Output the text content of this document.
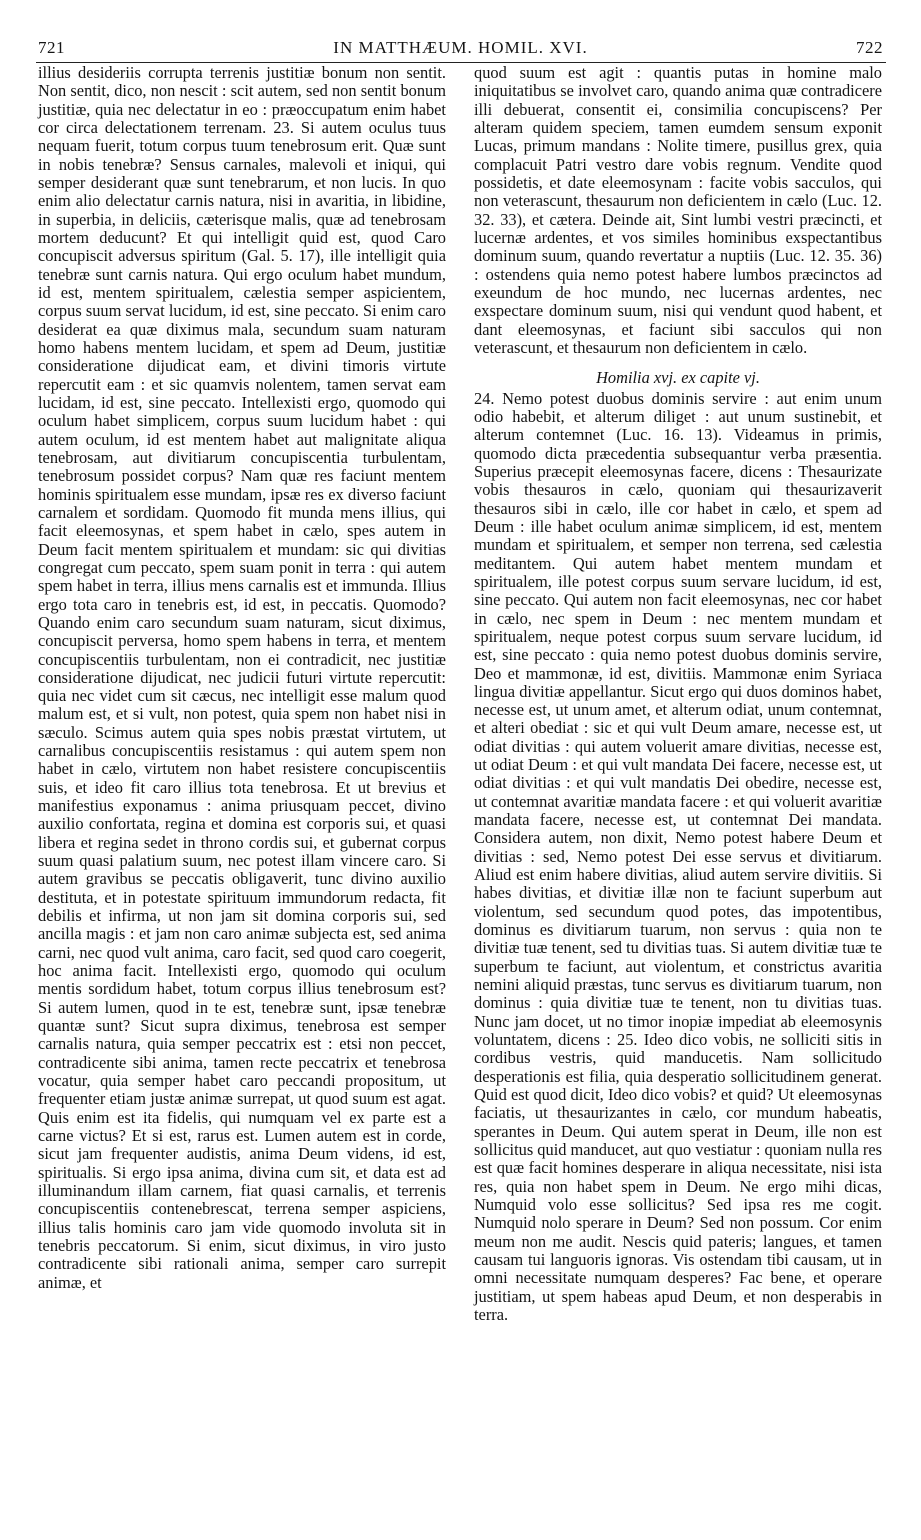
721	IN MATTHÆUM. HOMIL. XVI.	722

illius desideriis corrupta terrenis justitiæ bonum non sentit. Non sentit, dico, non nescit : scit autem, sed non sentit bonum justitiæ, quia nec delectatur in eo : præoccupatum enim habet cor circa delectationem terrenam. 23. Si autem oculus tuus nequam fuerit, totum corpus tuum tenebrosum erit. Quæ sunt in nobis tenebræ? Sensus carnales, malevoli et iniqui, qui semper desiderant quæ sunt tenebrarum, et non lucis. In quo enim alio delectatur carnis natura, nisi in avaritia, in libidine, in superbia, in deliciis, cæterisque malis, quæ ad tenebrosam mortem deducunt? Et qui intelligit quid est, quod Caro concupiscit adversus spiritum (Gal. 5. 17), ille intelligit quia tenebræ sunt carnis natura. Qui ergo oculum habet mundum, id est, mentem spiritualem, cælestia semper aspicientem, corpus suum servat lucidum, id est, sine peccato. Si enim caro desiderat ea quæ diximus mala, secundum suam naturam homo habens mentem lucidam, et spem ad Deum, justitiæ consideratione dijudicat eam, et divini timoris virtute repercutit eam : et sic quamvis nolentem, tamen servat eam lucidam, id est, sine peccato. Intellexisti ergo, quomodo qui oculum habet simplicem, corpus suum lucidum habet : qui autem oculum, id est mentem habet aut malignitate aliqua tenebrosam, aut divitiarum concupiscentia turbulentam, tenebrosum possidet corpus? Nam quæ res faciunt mentem hominis spiritualem esse mundam, ipsæ res ex diverso faciunt carnalem et sordidam. Quomodo fit munda mens illius, qui facit eleemosynas, et spem habet in cælo, spes autem in Deum facit mentem spiritualem et mundam: sic qui divitias congregat cum peccato, spem suam ponit in terra : qui autem spem habet in terra, illius mens carnalis est et immunda. Illius ergo tota caro in tenebris est, id est, in peccatis. Quomodo? Quando enim caro secundum suam naturam, sicut diximus, concupiscit perversa, homo spem habens in terra, et mentem concupiscentiis turbulentam, non ei contradicit, nec justitiæ consideratione dijudicat, nec judicii futuri virtute repercutit: quia nec videt cum sit cæcus, nec intelligit esse malum quod malum est, et si vult, non potest, quia spem non habet nisi in sæculo. Scimus autem quia spes nobis præstat virtutem, ut carnalibus concupiscentiis resistamus : qui autem spem non habet in cælo, virtutem non habet resistere concupiscentiis suis, et ideo fit caro illius tota tenebrosa. Et ut brevius et manifestius exponamus : anima priusquam peccet, divino auxilio confortata, regina et domina est corporis sui, et quasi libera et regina sedet in throno cordis sui, et gubernat corpus suum quasi palatium suum, nec potest illam vincere caro. Si autem gravibus se peccatis obligaverit, tunc divino auxilio destituta, et in potestate spirituum immundorum redacta, fit debilis et infirma, ut non jam sit domina corporis sui, sed ancilla magis : et jam non caro animæ subjecta est, sed anima carni, nec quod vult anima, caro facit, sed quod caro coegerit, hoc anima facit. Intellexisti ergo, quomodo qui oculum mentis sordidum habet, totum corpus illius tenebrosum est? Si autem lumen, quod in te est, tenebræ sunt, ipsæ tenebræ quantæ sunt? Sicut supra diximus, tenebrosa est semper carnalis natura, quia semper peccatrix est : etsi non peccet, contradicente sibi anima, tamen recte peccatrix et tenebrosa vocatur, quia semper habet caro peccandi propositum, ut frequenter etiam justæ animæ surrepat, ut quod suum est agat. Quis enim est ita fidelis, qui numquam vel ex parte est a carne victus? Et si est, rarus est. Lumen autem est in corde, sicut jam frequenter audistis, anima Deum videns, id est, spiritualis. Si ergo ipsa anima, divina cum sit, et data est ad illuminandum illam carnem, fiat quasi carnalis, et terrenis concupiscentiis contenebrescat, terrena semper aspiciens, illius talis hominis caro jam vide quomodo involuta sit in tenebris peccatorum. Si enim, sicut diximus, in viro justo contradicente sibi rationali anima, semper caro surrepit animæ, et

quod suum est agit : quantis putas in homine malo iniquitatibus se involvet caro, quando anima quæ contradicere illi debuerat, consentit ei, consimilia concupiscens? Per alteram quidem speciem, tamen eumdem sensum exponit Lucas, primum mandans : Nolite timere, pusillus grex, quia complacuit Patri vestro dare vobis regnum. Vendite quod possidetis, et date eleemosynam : facite vobis sacculos, qui non veterascunt, thesaurum non deficientem in cælo (Luc. 12. 32. 33), et cætera. Deinde ait, Sint lumbi vestri præcincti, et lucernæ ardentes, et vos similes hominibus exspectantibus dominum suum, quando revertatur a nuptiis (Luc. 12. 35. 36) : ostendens quia nemo potest habere lumbos præcinctos ad exeundum de hoc mundo, nec lucernas ardentes, nec exspectare dominum suum, nisi qui vendunt quod habent, et dant eleemosynas, et faciunt sibi sacculos qui non veterascunt, et thesaurum non deficientem in cælo.

Homilia xvj. ex capite vj.

24. Nemo potest duobus dominis servire : aut enim unum odio habebit, et alterum diliget : aut unum sustinebit, et alterum contemnet (Luc. 16. 13). Videamus in primis, quomodo dicta præcedentia subsequantur verba præsentia. Superius præcepit eleemosynas facere, dicens : Thesaurizate vobis thesauros in cælo, quoniam qui thesaurizaverit thesauros sibi in cælo, ille cor habet in cælo, et spem ad Deum : ille habet oculum animæ simplicem, id est, mentem mundam et spiritualem, et semper non terrena, sed cælestia meditantem. Qui autem habet mentem mundam et spiritualem, ille potest corpus suum servare lucidum, id est, sine peccato. Qui autem non facit eleemosynas, nec cor habet in cælo, nec spem in Deum : nec mentem mundam et spiritualem, neque potest corpus suum servare lucidum, id est, sine peccato : quia nemo potest duobus dominis servire, Deo et mammonæ, id est, divitiis. Mammonæ enim Syriaca lingua divitiæ appellantur. Sicut ergo qui duos dominos habet, necesse est, ut unum amet, et alterum odiat, unum contemnat, et alteri obediat : sic et qui vult Deum amare, necesse est, ut odiat divitias : qui autem voluerit amare divitias, necesse est, ut odiat Deum : et qui vult mandata Dei facere, necesse est, ut odiat divitias : et qui vult mandatis Dei obedire, necesse est, ut contemnat avaritiæ mandata facere : et qui voluerit avaritiæ mandata facere, necesse est, ut contemnat Dei mandata. Considera autem, non dixit, Nemo potest habere Deum et divitias : sed, Nemo potest Dei esse servus et divitiarum. Aliud est enim habere divitias, aliud autem servire divitiis. Si habes divitias, et divitiæ illæ non te faciunt superbum aut violentum, sed secundum quod potes, das impotentibus, dominus es divitiarum tuarum, non servus : quia non te divitiæ tuæ tenent, sed tu divitias tuas. Si autem divitiæ tuæ te superbum te faciunt, aut violentum, et constrictus avaritia nemini aliquid præstas, tunc servus es divitiarum tuarum, non dominus : quia divitiæ tuæ te tenent, non tu divitias tuas. Nunc jam docet, ut no timor inopiæ impediat ab eleemosynis voluntatem, dicens : 25. Ideo dico vobis, ne solliciti sitis in cordibus vestris, quid manducetis. Nam sollicitudo desperationis est filia, quia desperatio sollicitudinem generat. Quid est quod dicit, Ideo dico vobis? et quid? Ut eleemosynas faciatis, ut thesaurizantes in cælo, cor mundum habeatis, sperantes in Deum. Qui autem sperat in Deum, ille non est sollicitus quid manducet, aut quo vestiatur : quoniam nulla res est quæ facit homines desperare in aliqua necessitate, nisi ista res, quia non habet spem in Deum. Ne ergo mihi dicas, Numquid volo esse sollicitus? Sed ipsa res me cogit. Numquid nolo sperare in Deum? Sed non possum. Cor enim meum non me audit. Nescis quid pateris; langues, et tamen causam tui languoris ignoras. Vis ostendam tibi causam, ut in omni necessitate numquam desperes? Fac bene, et operare justitiam, ut spem habeas apud Deum, et non desperabis in terra.
